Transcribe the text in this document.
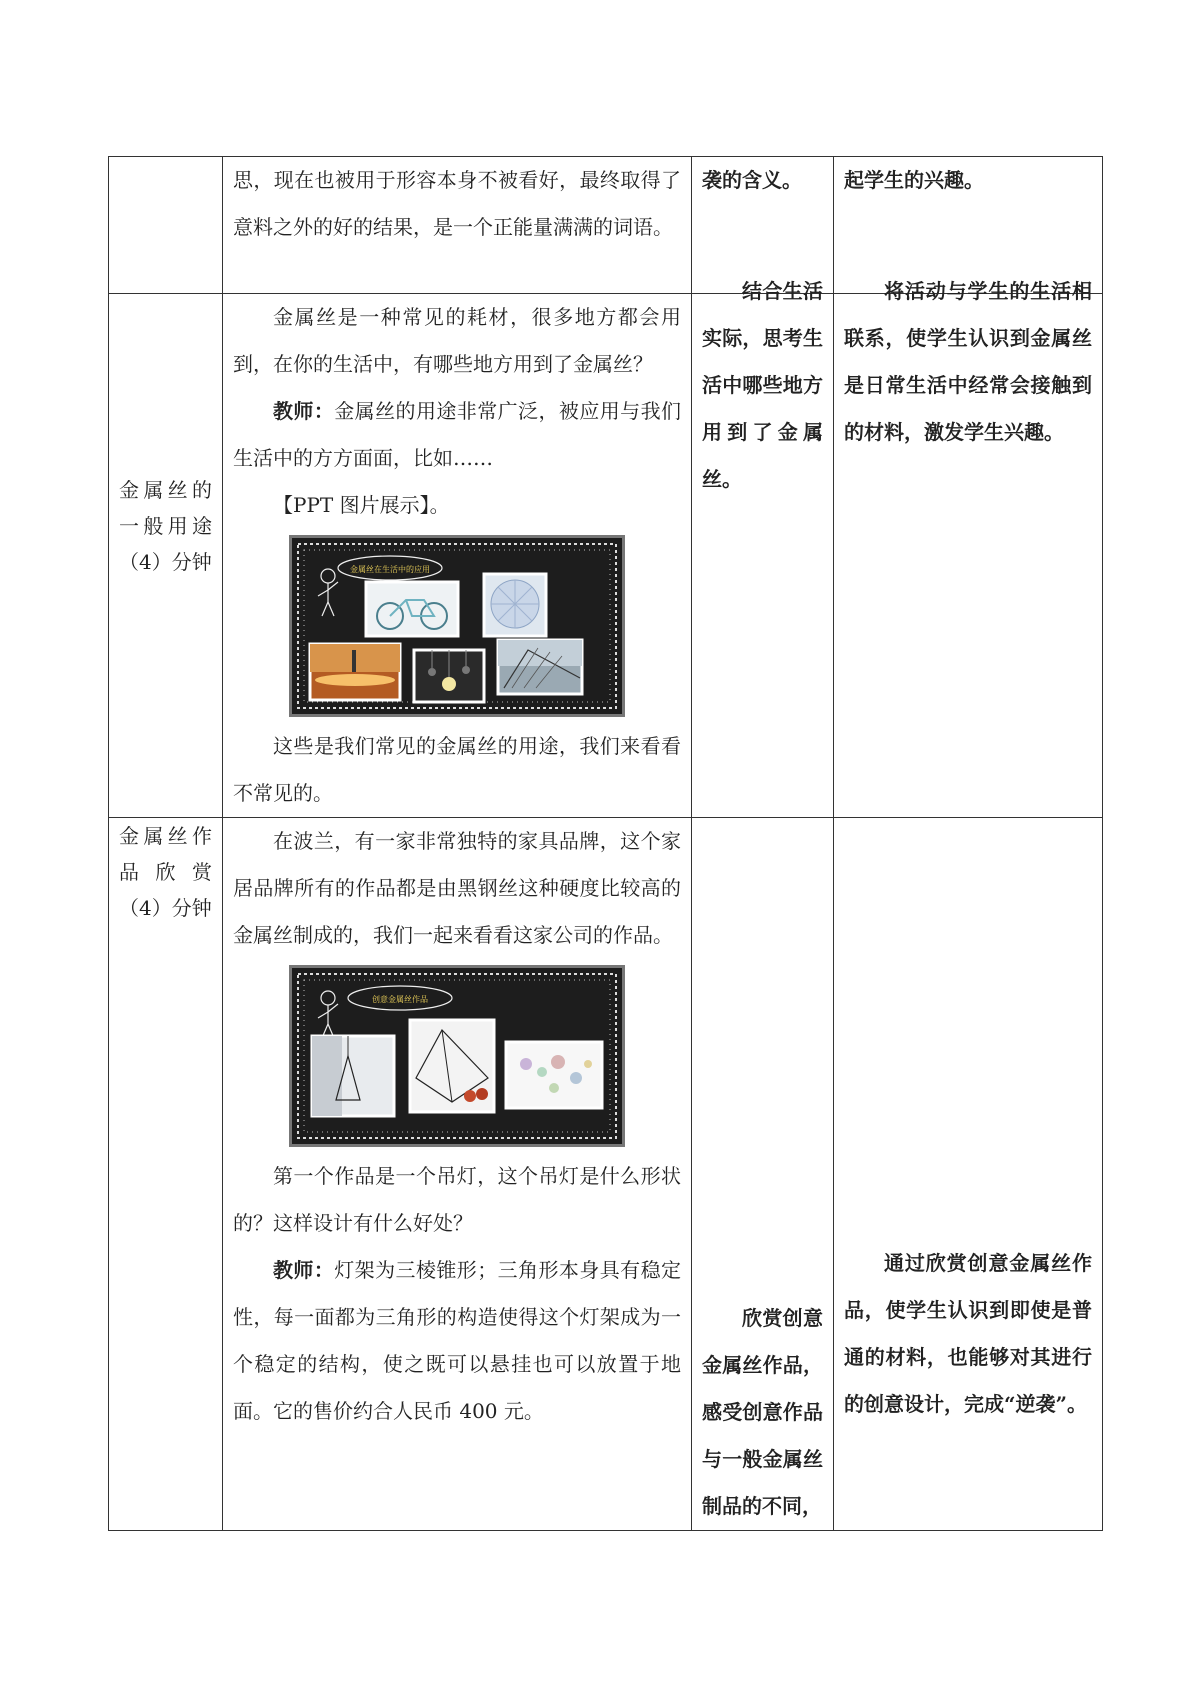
	思，现在也被用于形容本身不被看好，最终取得了意料之外的好的结果，是一个正能量满满的词语。	袭的含义。	起学生的兴趣。

金属丝的一般用途（4）分钟	金属丝是一种常见的耗材，很多地方都会用到，在你的生活中，有哪些地方用到了金属丝？

教师：金属丝的用途非常广泛，被应用与我们生活中的方方面面，比如……

【PPT 图片展示】。

金属丝在生活中的应用

这些是我们常见的金属丝的用途，我们来看看不常见的。	结合生活实际，思考生活中哪些地方用到了金属丝。	将活动与学生的生活相联系，使学生认识到金属丝是日常生活中经常会接触到的材料，激发学生兴趣。

金属丝作品欣赏（4）分钟	在波兰，有一家非常独特的家具品牌，这个家居品牌所有的作品都是由黑钢丝这种硬度比较高的金属丝制成的，我们一起来看看这家公司的作品。

创意金属丝作品

第一个作品是一个吊灯，这个吊灯是什么形状的？这样设计有什么好处？

教师：灯架为三棱锥形；三角形本身具有稳定性，每一面都为三角形的构造使得这个灯架成为一个稳定的结构，使之既可以悬挂也可以放置于地面。它的售价约合人民币 400 元。	欣赏创意金属丝作品，感受创意作品与一般金属丝制品的不同，	通过欣赏创意金属丝作品，使学生认识到即使是普通的材料，也能够对其进行的创意设计，完成“逆袭”。
